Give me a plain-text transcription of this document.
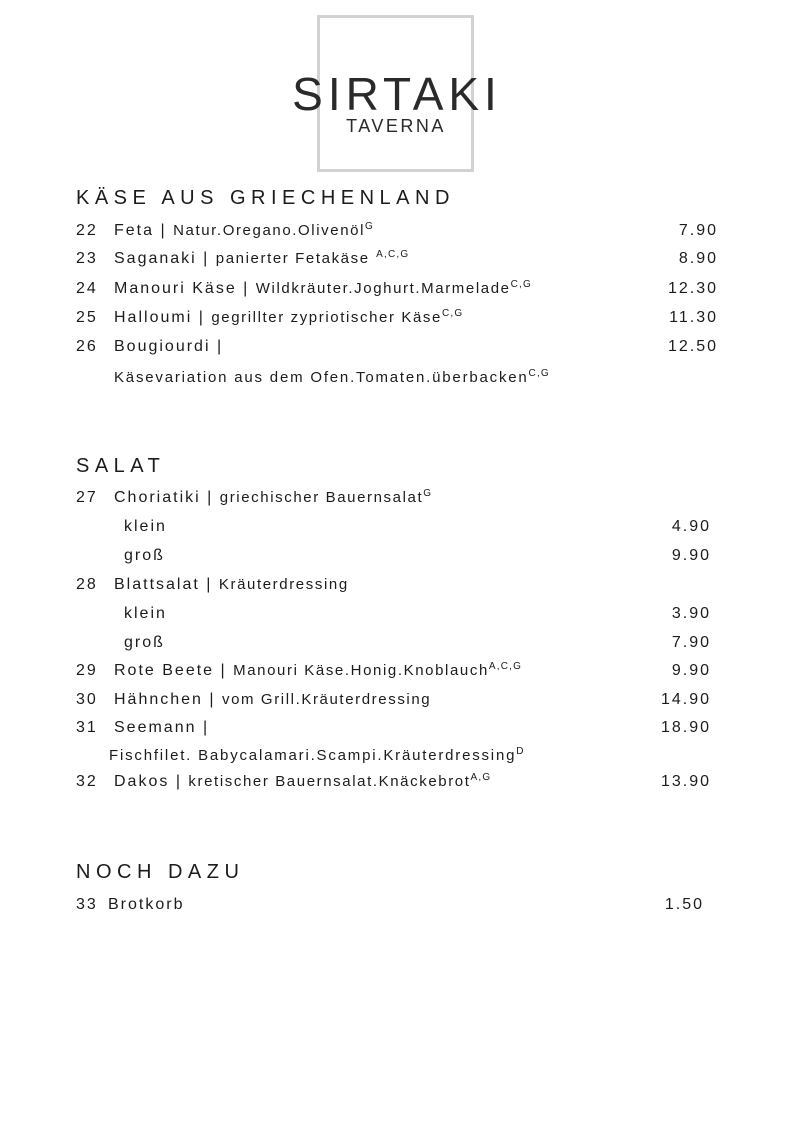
SIRTAKI
TAVERNA
KÄSE AUS GRIECHENLAND
22 Feta | Natur.Oregano.Olivenöl$^G$	7.90
23 Saganaki | panierter Fetakäse $^{A,C,G}$	8.90
24 Manouri Käse | Wildkräuter.Joghurt.Marmelade$^{C,G}$	12.30
25 Halloumi | gegrillter zypriotischer Käse$^{C,G}$	11.30
26 Bougiourdi |	12.50
Käsevariation aus dem Ofen.Tomaten.überbacken$^{C,G}$
SALAT
27 Choriatiki | griechischer Bauernsalat$^G$
klein	4.90
groß	9.90
28 Blattsalat | Kräuterdressing
klein	3.90
groß	7.90
29 Rote Beete | Manouri Käse.Honig.Knoblauch$^{A,C,G}$	9.90
30 Hähnchen | vom Grill.Kräuterdressing	14.90
31 Seemann |	18.90
Fischfilet. Babycalamari.Scampi.Kräuterdressing$^D$
32 Dakos | kretischer Bauernsalat.Knäckebrot$^{A,G}$	13.90
NOCH DAZU
33 Brotkorb	1.50
